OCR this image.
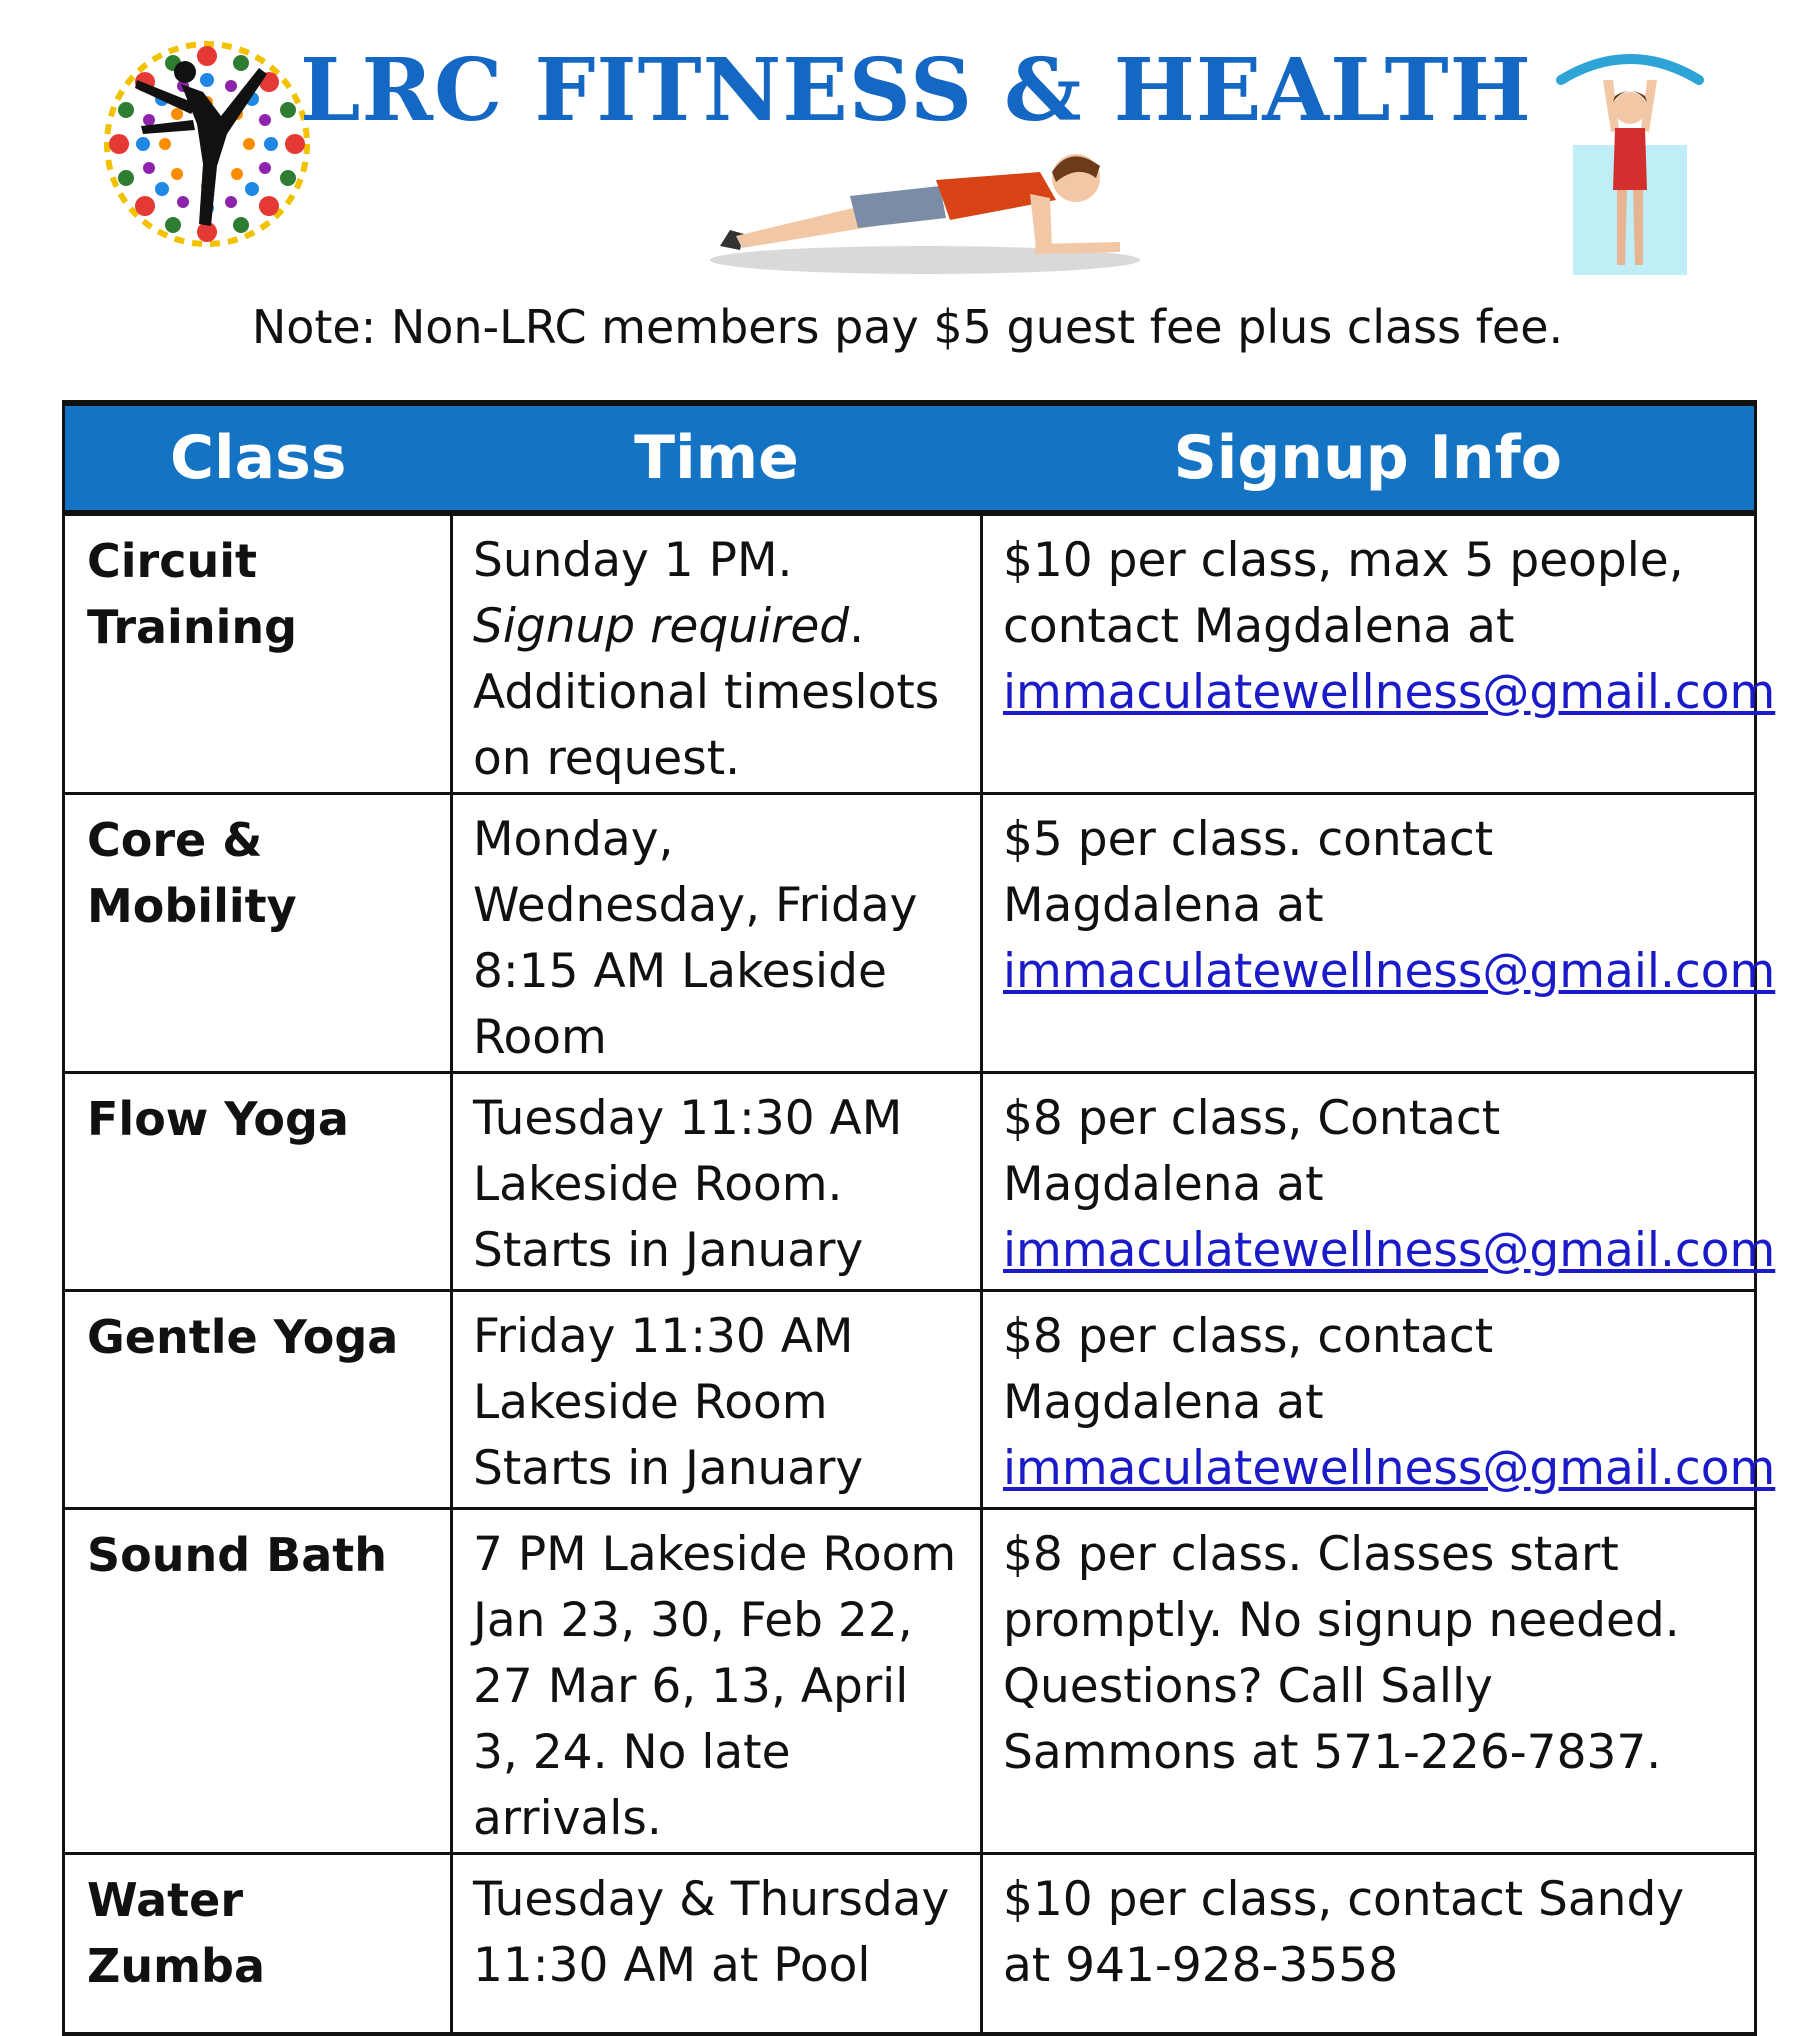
LRC FITNESS & HEALTH
Note: Non-LRC members pay $5 guest fee plus class fee.
Class	Time	Signup Info
Circuit Training	Sunday 1 PM. Signup required. Additional timeslots on request.	$10 per class, max 5 people, contact Magdalena at immaculatewellness@gmail.com
Core & Mobility	Monday, Wednesday, Friday 8:15 AM Lakeside Room	$5 per class. contact Magdalena at immaculatewellness@gmail.com
Flow Yoga	Tuesday 11:30 AM Lakeside Room. Starts in January	$8 per class, Contact Magdalena at immaculatewellness@gmail.com
Gentle Yoga	Friday 11:30 AM Lakeside Room Starts in January	$8 per class, contact Magdalena at immaculatewellness@gmail.com
Sound Bath	7 PM Lakeside Room Jan 23, 30, Feb 22, 27 Mar 6, 13, April 3, 24. No late arrivals.	$8 per class. Classes start promptly. No signup needed. Questions? Call Sally Sammons at 571-226-7837.
Water Zumba	Tuesday & Thursday 11:30 AM at Pool	$10 per class, contact Sandy at 941-928-3558
